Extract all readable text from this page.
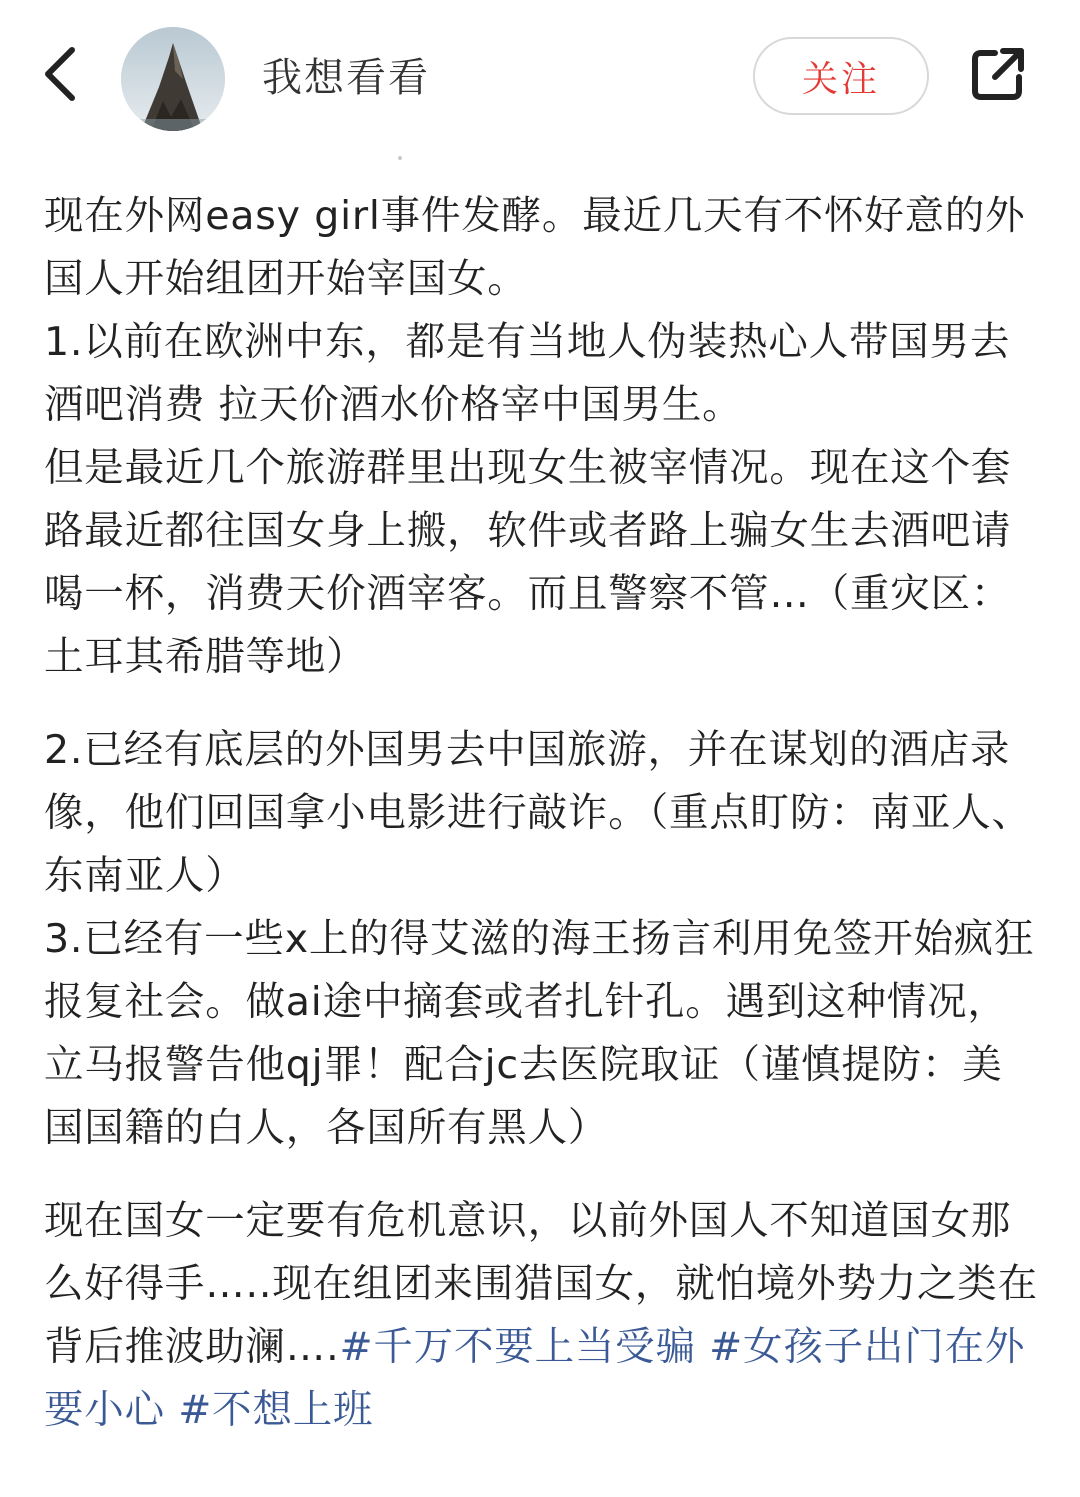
我想看看	关注

现在外网easy girl事件发酵。最近几天有不怀好意的外国人开始组团开始宰国女。

1.以前在欧洲中东，都是有当地人伪装热心人带国男去酒吧消费 拉天价酒水价格宰中国男生。

但是最近几个旅游群里出现女生被宰情况。现在这个套路最近都往国女身上搬，软件或者路上骗女生去酒吧请喝一杯，消费天价酒宰客。而且警察不管…（重灾区：土耳其希腊等地）

2.已经有底层的外国男去中国旅游，并在谋划的酒店录像，他们回国拿小电影进行敲诈。（重点盯防：南亚人、东南亚人）

3.已经有一些x上的得艾滋的海王扬言利用免签开始疯狂报复社会。做ai途中摘套或者扎针孔。遇到这种情况，立马报警告他qj罪！配合jc去医院取证（谨慎提防：美国国籍的白人，各国所有黑人）

现在国女一定要有危机意识，以前外国人不知道国女那么好得手…..现在组团来围猎国女，就怕境外势力之类在背后推波助澜….#千万不要上当受骗 #女孩子出门在外要小心 #不想上班
